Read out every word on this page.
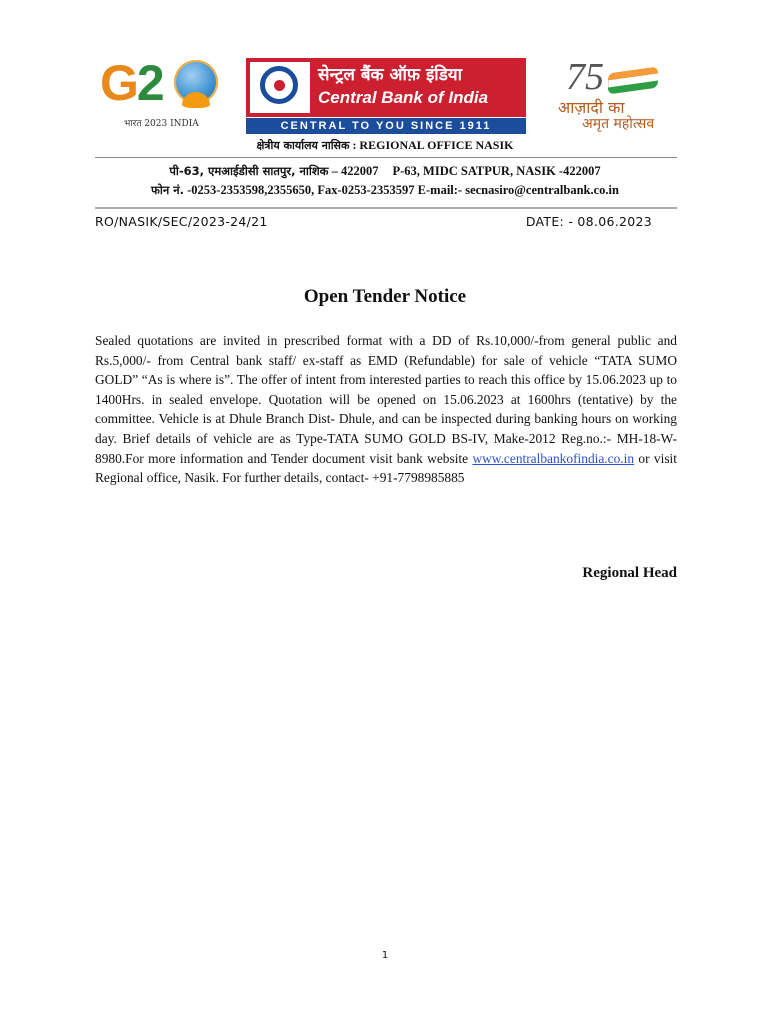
G2
भारत 2023 INDIA
सेन्ट्रल बैंक ऑफ़ इंडिया
Central Bank of India
CENTRAL TO YOU SINCE 1911
75
आज़ादी का
अमृत महोत्सव
क्षेत्रीय कार्यालय नासिक : REGIONAL OFFICE NASIK
पी-63, एमआईडीसी सातपुर, नाशिक – 422007 P-63, MIDC SATPUR, NASIK -422007
फोन नं. -0253-2353598,2355650, Fax-0253-2353597 E-mail:- secnasiro@centralbank.co.in
RO/NASIK/SEC/2023-24/21	DATE: - 08.06.2023
Open Tender Notice
Sealed quotations are invited in prescribed format with a DD of Rs.10,000/-from general public and Rs.5,000/- from Central bank staff/ ex-staff as EMD (Refundable) for sale of vehicle “TATA SUMO GOLD” “As is where is”. The offer of intent from interested parties to reach this office by 15.06.2023 up to 1400Hrs. in sealed envelope. Quotation will be opened on 15.06.2023 at 1600hrs (tentative) by the committee. Vehicle is at Dhule Branch Dist- Dhule, and can be inspected during banking hours on working day. Brief details of vehicle are as Type-TATA SUMO GOLD BS-IV, Make-2012 Reg.no.:- MH-18-W-8980.For more information and Tender document visit bank website www.centralbankofindia.co.in or visit Regional office, Nasik. For further details, contact- +91-7798985885
Regional Head
1
